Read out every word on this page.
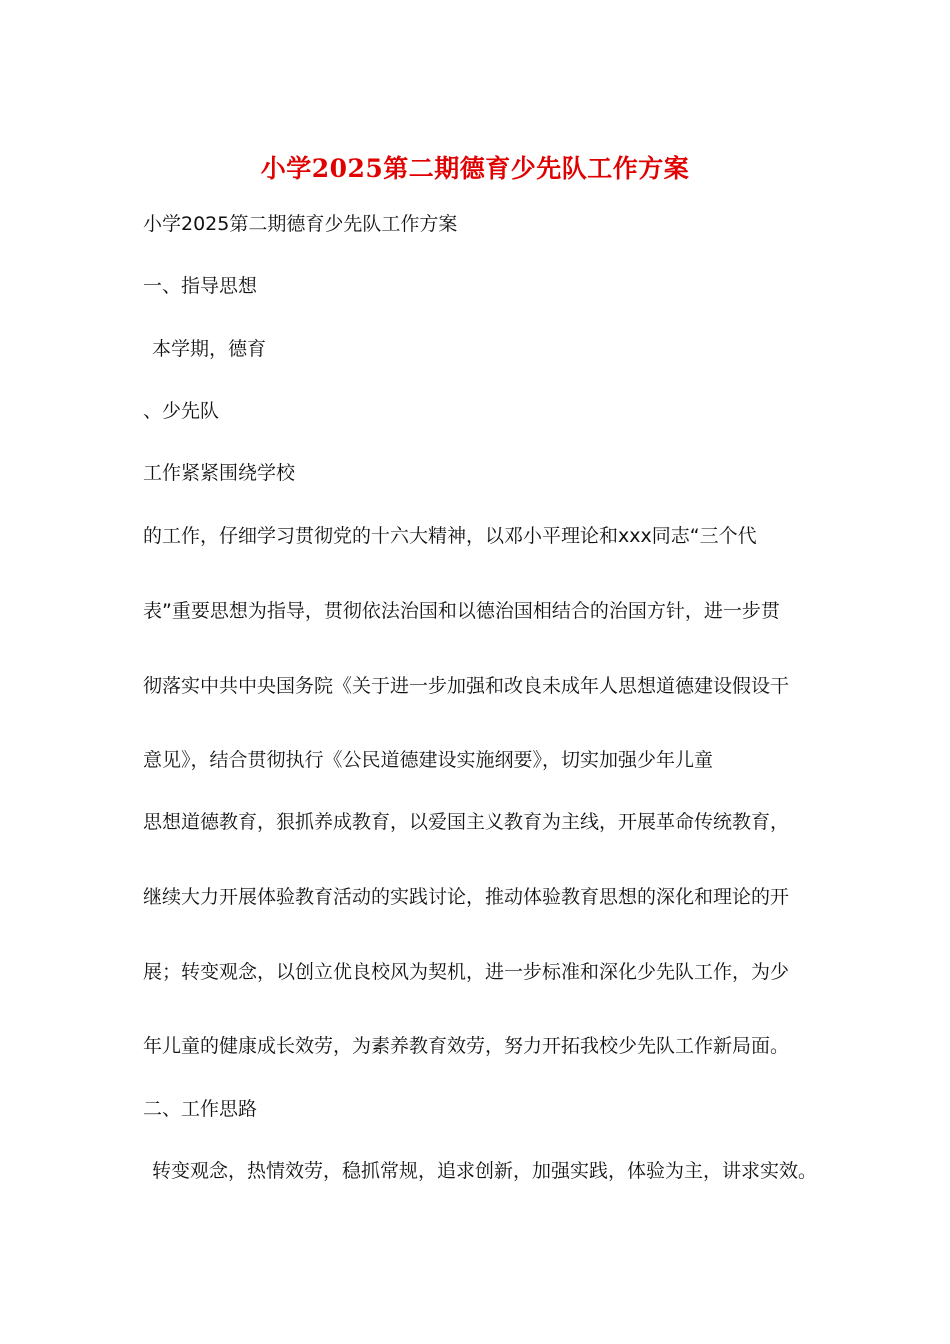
小学2025第二期德育少先队工作方案
小学2025第二期德育少先队工作方案
一、指导思想
本学期，德育
、少先队
工作紧紧围绕学校
的工作，仔细学习贯彻党的十六大精神，以邓小平理论和xxx同志“三个代
表”重要思想为指导，贯彻依法治国和以德治国相结合的治国方针，进一步贯
彻落实中共中央国务院《关于进一步加强和改良未成年人思想道德建设假设干
意见》，结合贯彻执行《公民道德建设实施纲要》，切实加强少年儿童
思想道德教育，狠抓养成教育，以爱国主义教育为主线，开展革命传统教育，
继续大力开展体验教育活动的实践讨论，推动体验教育思想的深化和理论的开
展；转变观念，以创立优良校风为契机，进一步标准和深化少先队工作，为少
年儿童的健康成长效劳，为素养教育效劳，努力开拓我校少先队工作新局面。
二、工作思路
转变观念，热情效劳，稳抓常规，追求创新，加强实践，体验为主，讲求实效。
